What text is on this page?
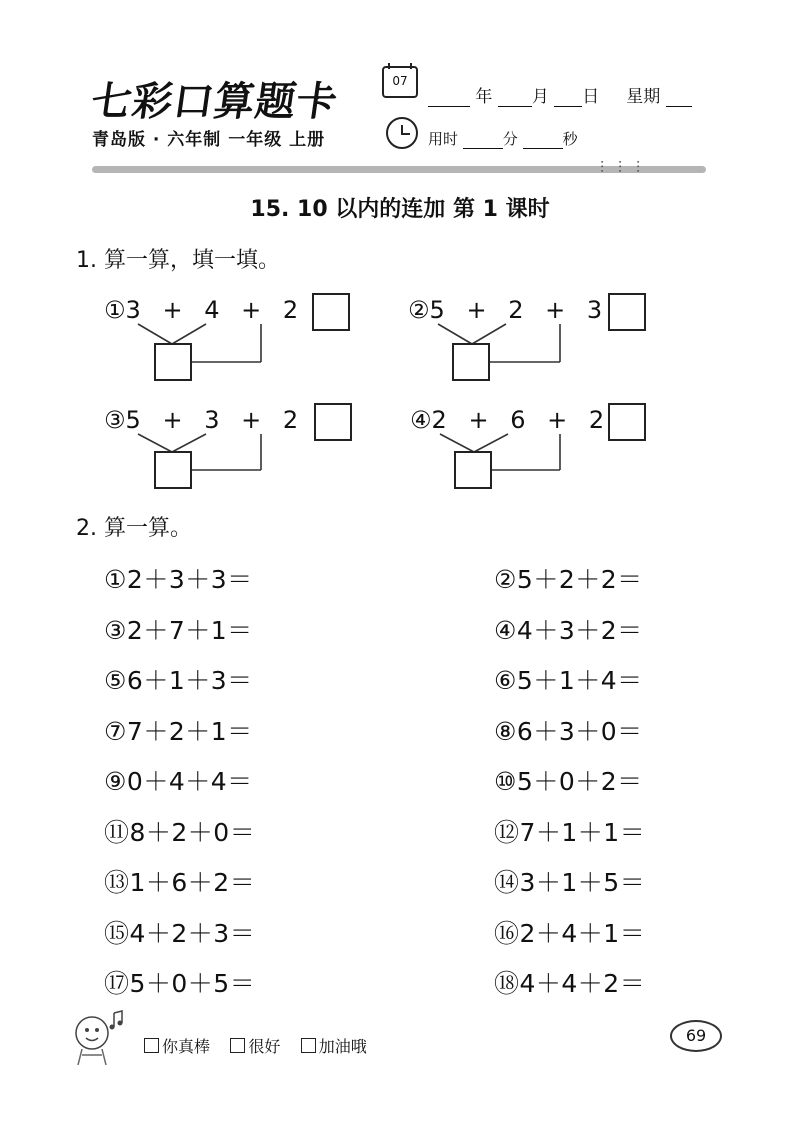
七彩口算题卡	07
年 月 日 星期
青岛版 · 六年制 一年级 上册	用时	分	秒
⫶⫶⫶
15. 10 以内的连加 第 1 课时
1. 算一算，填一填。
①3 + 4 + 2	②5 + 2 + 3
③5 + 3 + 2	④2 + 6 + 2
2. 算一算。
①2＋3＋3＝	②5＋2＋2＝
③2＋7＋1＝	④4＋3＋2＝
⑤6＋1＋3＝	⑥5＋1＋4＝
⑦7＋2＋1＝	⑧6＋3＋0＝
⑨0＋4＋4＝	⑩5＋0＋2＝
⑪8＋2＋0＝	⑫7＋1＋1＝
⑬1＋6＋2＝	⑭3＋1＋5＝
⑮4＋2＋3＝	⑯2＋4＋1＝
⑰5＋0＋5＝	⑱4＋4＋2＝
你真棒 很好 加油哦
69
